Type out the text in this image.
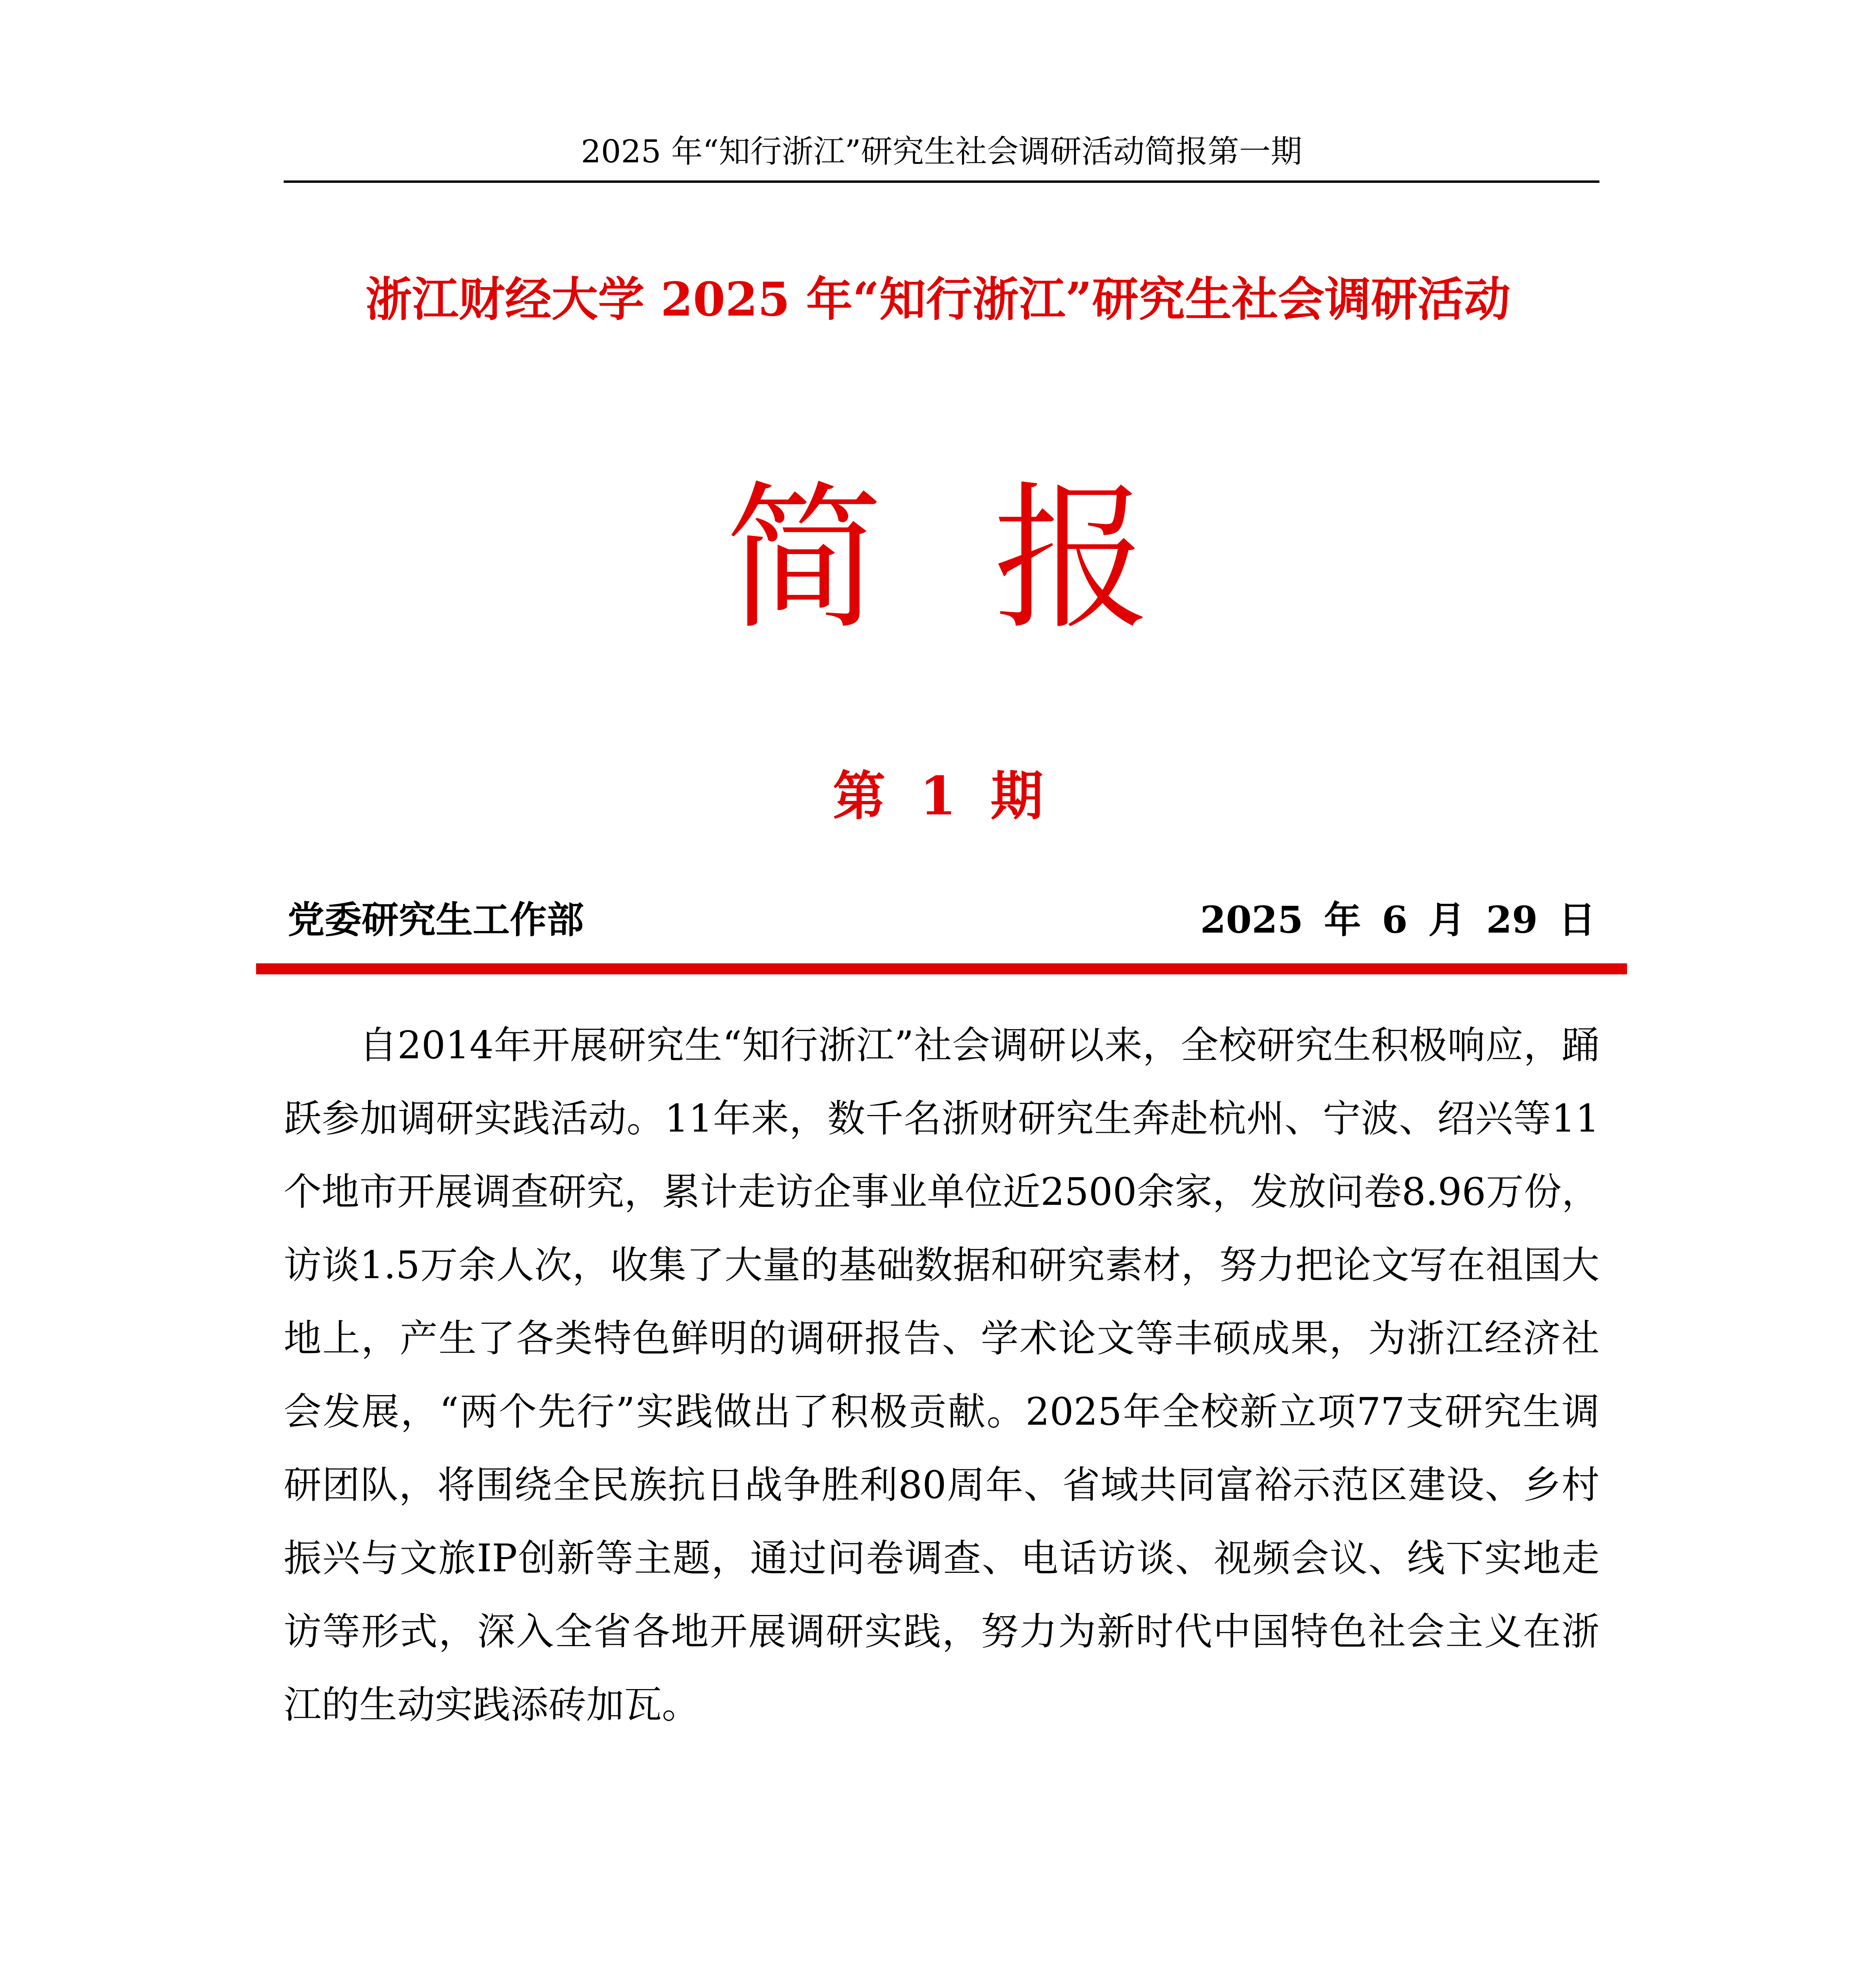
2025 年“知行浙江”研究生社会调研活动简报第一期
浙江财经大学 2025 年“知行浙江”研究生社会调研活动
简报
第 1 期
党委研究生工作部	2025 年 6 月 29 日

自2014年开展研究生“知行浙江”社会调研以来，全校研究生积极响应，踊跃参加调研实践活动。11年来，数千名浙财研究生奔赴杭州、宁波、绍兴等11个地市开展调查研究，累计走访企事业单位近2500余家，发放问卷8.96万份，访谈1.5万余人次，收集了大量的基础数据和研究素材，努力把论文写在祖国大地上，产生了各类特色鲜明的调研报告、学术论文等丰硕成果，为浙江经济社会发展，“两个先行”实践做出了积极贡献。2025年全校新立项77支研究生调研团队，将围绕全民族抗日战争胜利80周年、省域共同富裕示范区建设、乡村振兴与文旅IP创新等主题，通过问卷调查、电话访谈、视频会议、线下实地走访等形式，深入全省各地开展调研实践，努力为新时代中国特色社会主义在浙江的生动实践添砖加瓦。
